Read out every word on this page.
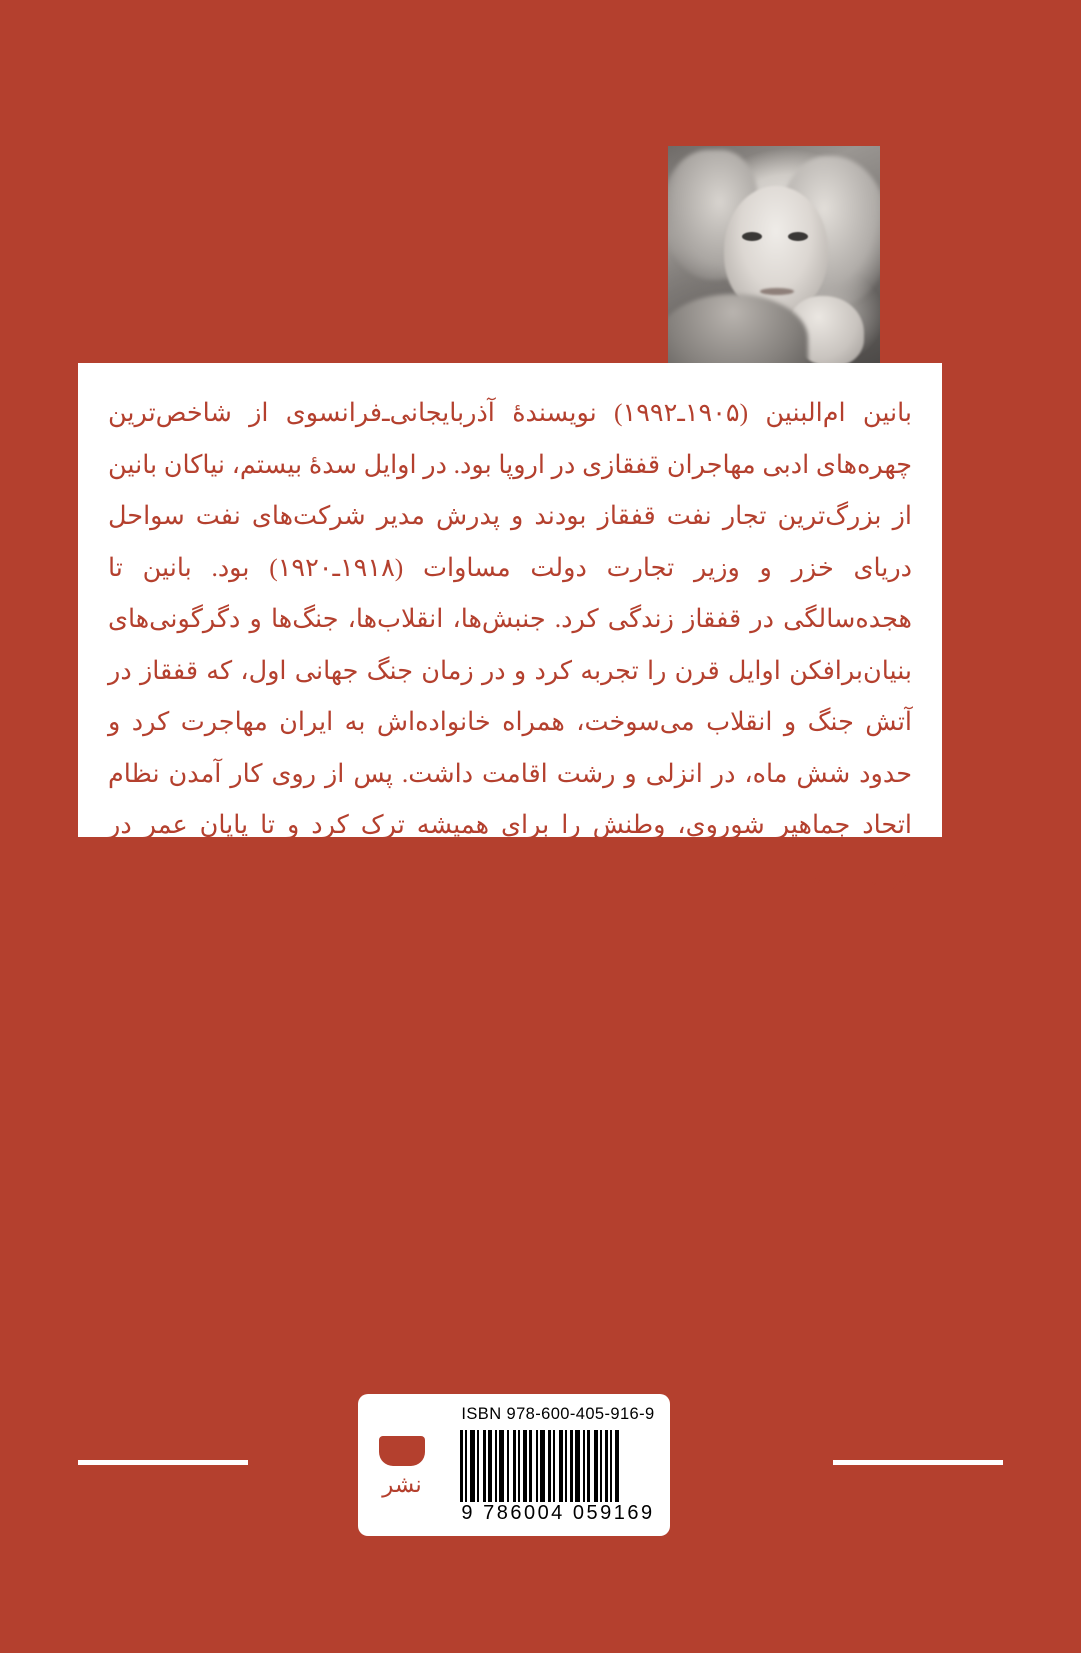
بانین ام‌البنین (۱۹۰۵ـ۱۹۹۲) نویسندۀ آذربایجانی‌ـ‌فرانسوی از شاخص‌ترین چهره‌های ادبی مهاجران قفقازی در اروپا بود. در اوایل سدۀ بیستم، نیاکان بانین از بزرگ‌ترین تجار نفت قفقاز بودند و پدرش مدیر شرکت‌های نفت سواحل دریای خزر و وزیر تجارت دولت مساوات (۱۹۱۸ـ۱۹۲۰) بود. بانین تا هجده‌سالگی در قفقاز زندگی کرد. جنبش‌ها، انقلاب‌ها، جنگ‌ها و دگرگونی‌های بنیان‌برافکن اوایل قرن را تجربه کرد و در زمان جنگ جهانی اول، که قفقاز در آتش جنگ و انقلاب می‌سوخت، همراه خانواده‌اش به ایران مهاجرت کرد و حدود شش ماه، در انزلی و رشت اقامت داشت. پس از روی کار آمدن نظام اتحاد جماهیر شوروی، وطنش را برای همیشه ترک کرد و تا پایان عمر در فرانسه اقامت گزید.

نشر
ISBN 978-600-405-916-9
9 786004 059169
